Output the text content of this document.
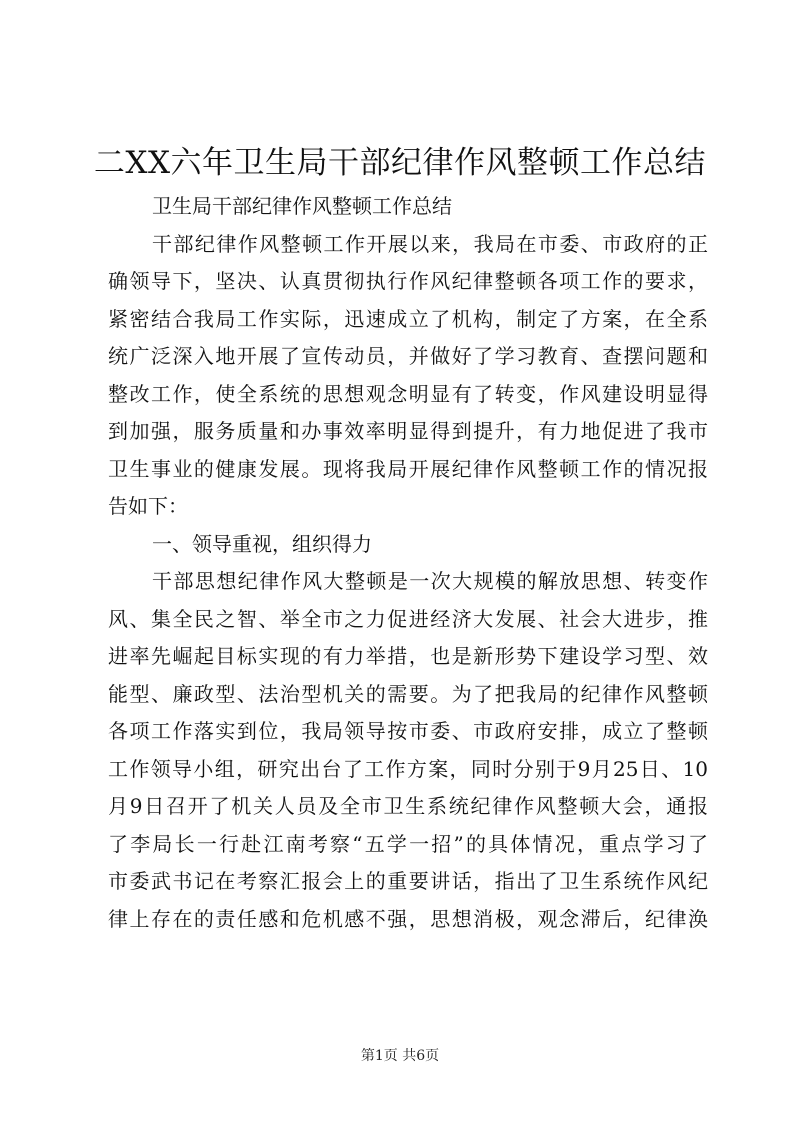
二XX六年卫生局干部纪律作风整顿工作总结
卫生局干部纪律作风整顿工作总结
干部纪律作风整顿工作开展以来，我局在市委、市政府的正
确领导下，坚决、认真贯彻执行作风纪律整顿各项工作的要求，
紧密结合我局工作实际，迅速成立了机构，制定了方案，在全系
统广泛深入地开展了宣传动员，并做好了学习教育、查摆问题和
整改工作，使全系统的思想观念明显有了转变，作风建设明显得
到加强，服务质量和办事效率明显得到提升，有力地促进了我市
卫生事业的健康发展。现将我局开展纪律作风整顿工作的情况报
告如下：
一、领导重视，组织得力
干部思想纪律作风大整顿是一次大规模的解放思想、转变作
风、集全民之智、举全市之力促进经济大发展、社会大进步，推
进率先崛起目标实现的有力举措，也是新形势下建设学习型、效
能型、廉政型、法治型机关的需要。为了把我局的纪律作风整顿
各项工作落实到位，我局领导按市委、市政府安排，成立了整顿
工作领导小组，研究出台了工作方案，同时分别于9月25日、10
月9日召开了机关人员及全市卫生系统纪律作风整顿大会，通报
了李局长一行赴江南考察“五学一招”的具体情况，重点学习了
市委武书记在考察汇报会上的重要讲话，指出了卫生系统作风纪
律上存在的责任感和危机感不强，思想消极，观念滞后，纪律涣
第1页 共6页
